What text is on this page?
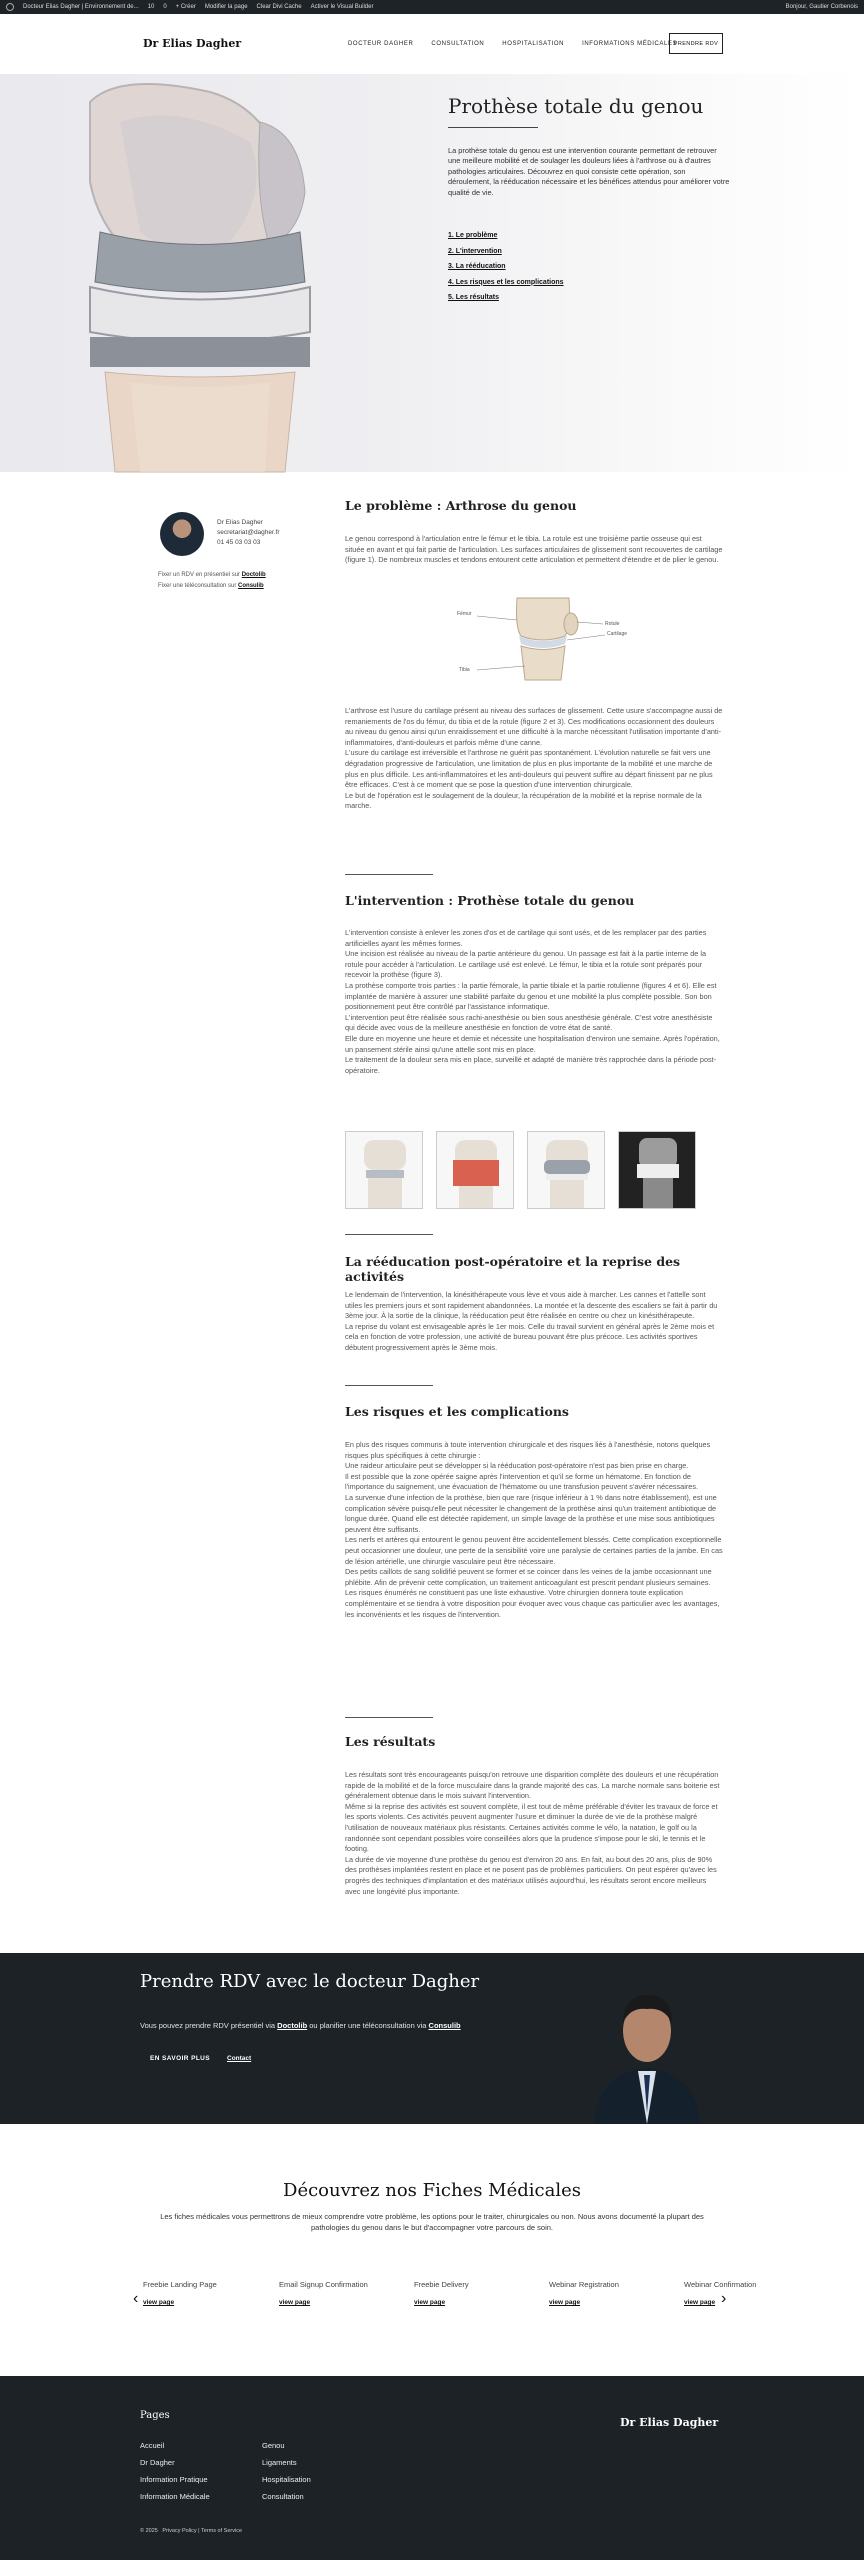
Docteur Elias Dagher | Environnement de... 10 0 + Créer Modifier la page Clear Divi Cache Activer le Visual Builder	Bonjour, Gautier Corbenois
Dr Elias Dagher	DOCTEUR DAGHER	CONSULTATION	HOSPITALISATION	INFORMATIONS MÉDICALES
PRENDRE RDV
Prothèse totale du genou

La prothèse totale du genou est une intervention courante permettant de retrouver une meilleure mobilité et de soulager les douleurs liées à l'arthrose ou à d'autres pathologies articulaires. Découvrez en quoi consiste cette opération, son déroulement, la rééducation nécessaire et les bénéfices attendus pour améliorer votre qualité de vie.

1. Le problème
2. L'intervention
3. La rééducation
4. Les risques et les complications
5. Les résultats
Dr Elias Dagher
secretariat@dagher.fr
01 45 03 03 03
Fixer un RDV en présentiel sur Doctolib
Fixer une téléconsultation sur Consulib
Le problème : Arthrose du genou

Le genou correspond à l'articulation entre le fémur et le tibia. La rotule est une troisième partie osseuse qui est située en avant et qui fait partie de l'articulation. Les surfaces articulaires de glissement sont recouvertes de cartilage (figure 1). De nombreux muscles et tendons entourent cette articulation et permettent d'étendre et de plier le genou.

Fémur
Rotule
Cartilage
Tibia

L'arthrose est l'usure du cartilage présent au niveau des surfaces de glissement. Cette usure s'accompagne aussi de remaniements de l'os du fémur, du tibia et de la rotule (figure 2 et 3). Ces modifications occasionnent des douleurs au niveau du genou ainsi qu'un enraidissement et une difficulté à la marche nécessitant l'utilisation importante d'anti-inflammatoires, d'anti-douleurs et parfois même d'une canne.
L'usure du cartilage est irréversible et l'arthrose ne guérit pas spontanément. L'évolution naturelle se fait vers une dégradation progressive de l'articulation, une limitation de plus en plus importante de la mobilité et une marche de plus en plus difficile. Les anti-inflammatoires et les anti-douleurs qui peuvent suffire au départ finissent par ne plus être efficaces. C'est à ce moment que se pose la question d'une intervention chirurgicale.
Le but de l'opération est le soulagement de la douleur, la récupération de la mobilité et la reprise normale de la marche.

L'intervention : Prothèse totale du genou

L'intervention consiste à enlever les zones d'os et de cartilage qui sont usés, et de les remplacer par des parties artificielles ayant les mêmes formes.
Une incision est réalisée au niveau de la partie antérieure du genou. Un passage est fait à la partie interne de la rotule pour accéder à l'articulation. Le cartilage usé est enlevé. Le fémur, le tibia et la rotule sont préparés pour recevoir la prothèse (figure 3).
La prothèse comporte trois parties : la partie fémorale, la partie tibiale et la partie rotulienne (figures 4 et 6). Elle est implantée de manière à assurer une stabilité parfaite du genou et une mobilité la plus complète possible. Son bon positionnement peut être contrôlé par l'assistance informatique.
L'intervention peut être réalisée sous rachi-anesthésie ou bien sous anesthésie générale. C'est votre anesthésiste qui décide avec vous de la meilleure anesthésie en fonction de votre état de santé.
Elle dure en moyenne une heure et demie et nécessite une hospitalisation d'environ une semaine. Après l'opération, un pansement stérile ainsi qu'une attelle sont mis en place.
Le traitement de la douleur sera mis en place, surveillé et adapté de manière très rapprochée dans la période post-opératoire.

La rééducation post-opératoire et la reprise des activités

Le lendemain de l'intervention, la kinésithérapeute vous lève et vous aide à marcher. Les cannes et l'attelle sont utiles les premiers jours et sont rapidement abandonnées. La montée et la descente des escaliers se fait à partir du 3ème jour. À la sortie de la clinique, la rééducation peut être réalisée en centre ou chez un kinésithérapeute.
La reprise du volant est envisageable après le 1er mois. Celle du travail survient en général après le 2ème mois et cela en fonction de votre profession, une activité de bureau pouvant être plus précoce. Les activités sportives débutent progressivement après le 3ème mois.

Les risques et les complications

En plus des risques communs à toute intervention chirurgicale et des risques liés à l'anesthésie, notons quelques risques plus spécifiques à cette chirurgie :
Une raideur articulaire peut se développer si la rééducation post-opératoire n'est pas bien prise en charge.
Il est possible que la zone opérée saigne après l'intervention et qu'il se forme un hématome. En fonction de l'importance du saignement, une évacuation de l'hématome ou une transfusion peuvent s'avérer nécessaires.
La survenue d'une infection de la prothèse, bien que rare (risque inférieur à 1 % dans notre établissement), est une complication sévère puisqu'elle peut nécessiter le changement de la prothèse ainsi qu'un traitement antibiotique de longue durée. Quand elle est détectée rapidement, un simple lavage de la prothèse et une mise sous antibiotiques peuvent être suffisants.
Les nerfs et artères qui entourent le genou peuvent être accidentellement blessés. Cette complication exceptionnelle peut occasionner une douleur, une perte de la sensibilité voire une paralysie de certaines parties de la jambe. En cas de lésion artérielle, une chirurgie vasculaire peut être nécessaire.
Des petits caillots de sang solidifié peuvent se former et se coincer dans les veines de la jambe occasionnant une phlébite. Afin de prévenir cette complication, un traitement anticoagulant est prescrit pendant plusieurs semaines.
Les risques énumérés ne constituent pas une liste exhaustive. Votre chirurgien donnera toute explication complémentaire et se tiendra à votre disposition pour évoquer avec vous chaque cas particulier avec les avantages, les inconvénients et les risques de l'intervention.

Les résultats

Les résultats sont très encourageants puisqu'on retrouve une disparition complète des douleurs et une récupération rapide de la mobilité et de la force musculaire dans la grande majorité des cas. La marche normale sans boiterie est généralement obtenue dans le mois suivant l'intervention.
Même si la reprise des activités est souvent complète, il est tout de même préférable d'éviter les travaux de force et les sports violents. Ces activités peuvent augmenter l'usure et diminuer la durée de vie de la prothèse malgré l'utilisation de nouveaux matériaux plus résistants. Certaines activités comme le vélo, la natation, le golf ou la randonnée sont cependant possibles voire conseillées alors que la prudence s'impose pour le ski, le tennis et le footing.
La durée de vie moyenne d'une prothèse du genou est d'environ 20 ans. En fait, au bout des 20 ans, plus de 90% des prothèses implantées restent en place et ne posent pas de problèmes particuliers. On peut espérer qu'avec les progrès des techniques d'implantation et des matériaux utilisés aujourd'hui, les résultats seront encore meilleurs avec une longévité plus importante.

Prendre RDV avec le docteur Dagher

Vous pouvez prendre RDV présentiel via Doctolib ou planifier une téléconsultation via Consulib

EN SAVOIR PLUS	Contact
Découvrez nos Fiches Médicales

Les fiches médicales vous permettrons de mieux comprendre votre problème, les options pour le traiter, chirurgicales ou non. Nous avons documenté la plupart des pathologies du genou dans le but d'accompagner votre parcours de soin.

Freebie Landing Page
view page
Email Signup Confirmation
view page
Freebie Delivery
view page
Webinar Registration
view page
Webinar Confirmation
view page
‹	›
Pages
Accueil
Dr Dagher
Information Pratique
Information Médicale
Genou
Ligaments
Hospitalisation
Consultation
Dr Elias Dagher
© 2025 Privacy Policy | Terms of Service
